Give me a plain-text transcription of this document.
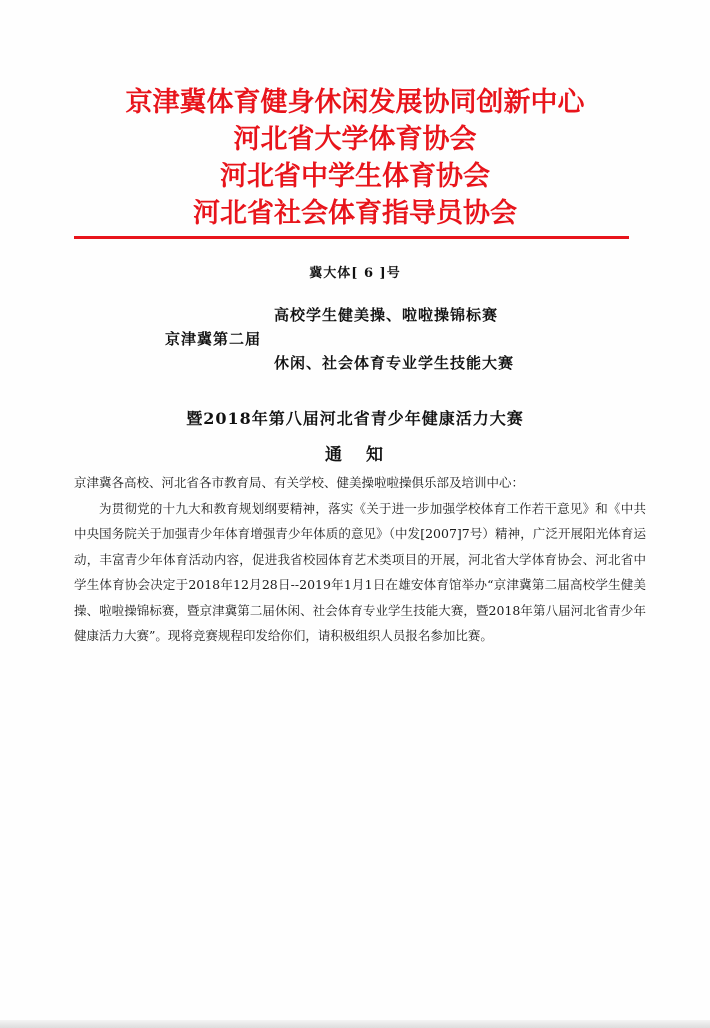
京津冀体育健身休闲发展协同创新中心
河北省大学体育协会
河北省中学生体育协会
河北省社会体育指导员协会
冀大体[ 6 ]号
高校学生健美操、啦啦操锦标赛
京津冀第二届
休闲、社会体育专业学生技能大赛
暨2018年第八届河北省青少年健康活力大赛
通 知

京津冀各高校、河北省各市教育局、有关学校、健美操啦啦操俱乐部及培训中心：

为贯彻党的十九大和教育规划纲要精神，落实《关于进一步加强学校体育工作若干意见》和《中共中央国务院关于加强青少年体育增强青少年体质的意见》（中发[2007]7号）精神，广泛开展阳光体育运动，丰富青少年体育活动内容，促进我省校园体育艺术类项目的开展，河北省大学体育协会、河北省中学生体育协会决定于2018年12月28日--2019年1月1日在雄安体育馆举办“京津冀第二届高校学生健美操、啦啦操锦标赛，暨京津冀第二届休闲、社会体育专业学生技能大赛，暨2018年第八届河北省青少年健康活力大赛”。现将竞赛规程印发给你们，请积极组织人员报名参加比赛。
